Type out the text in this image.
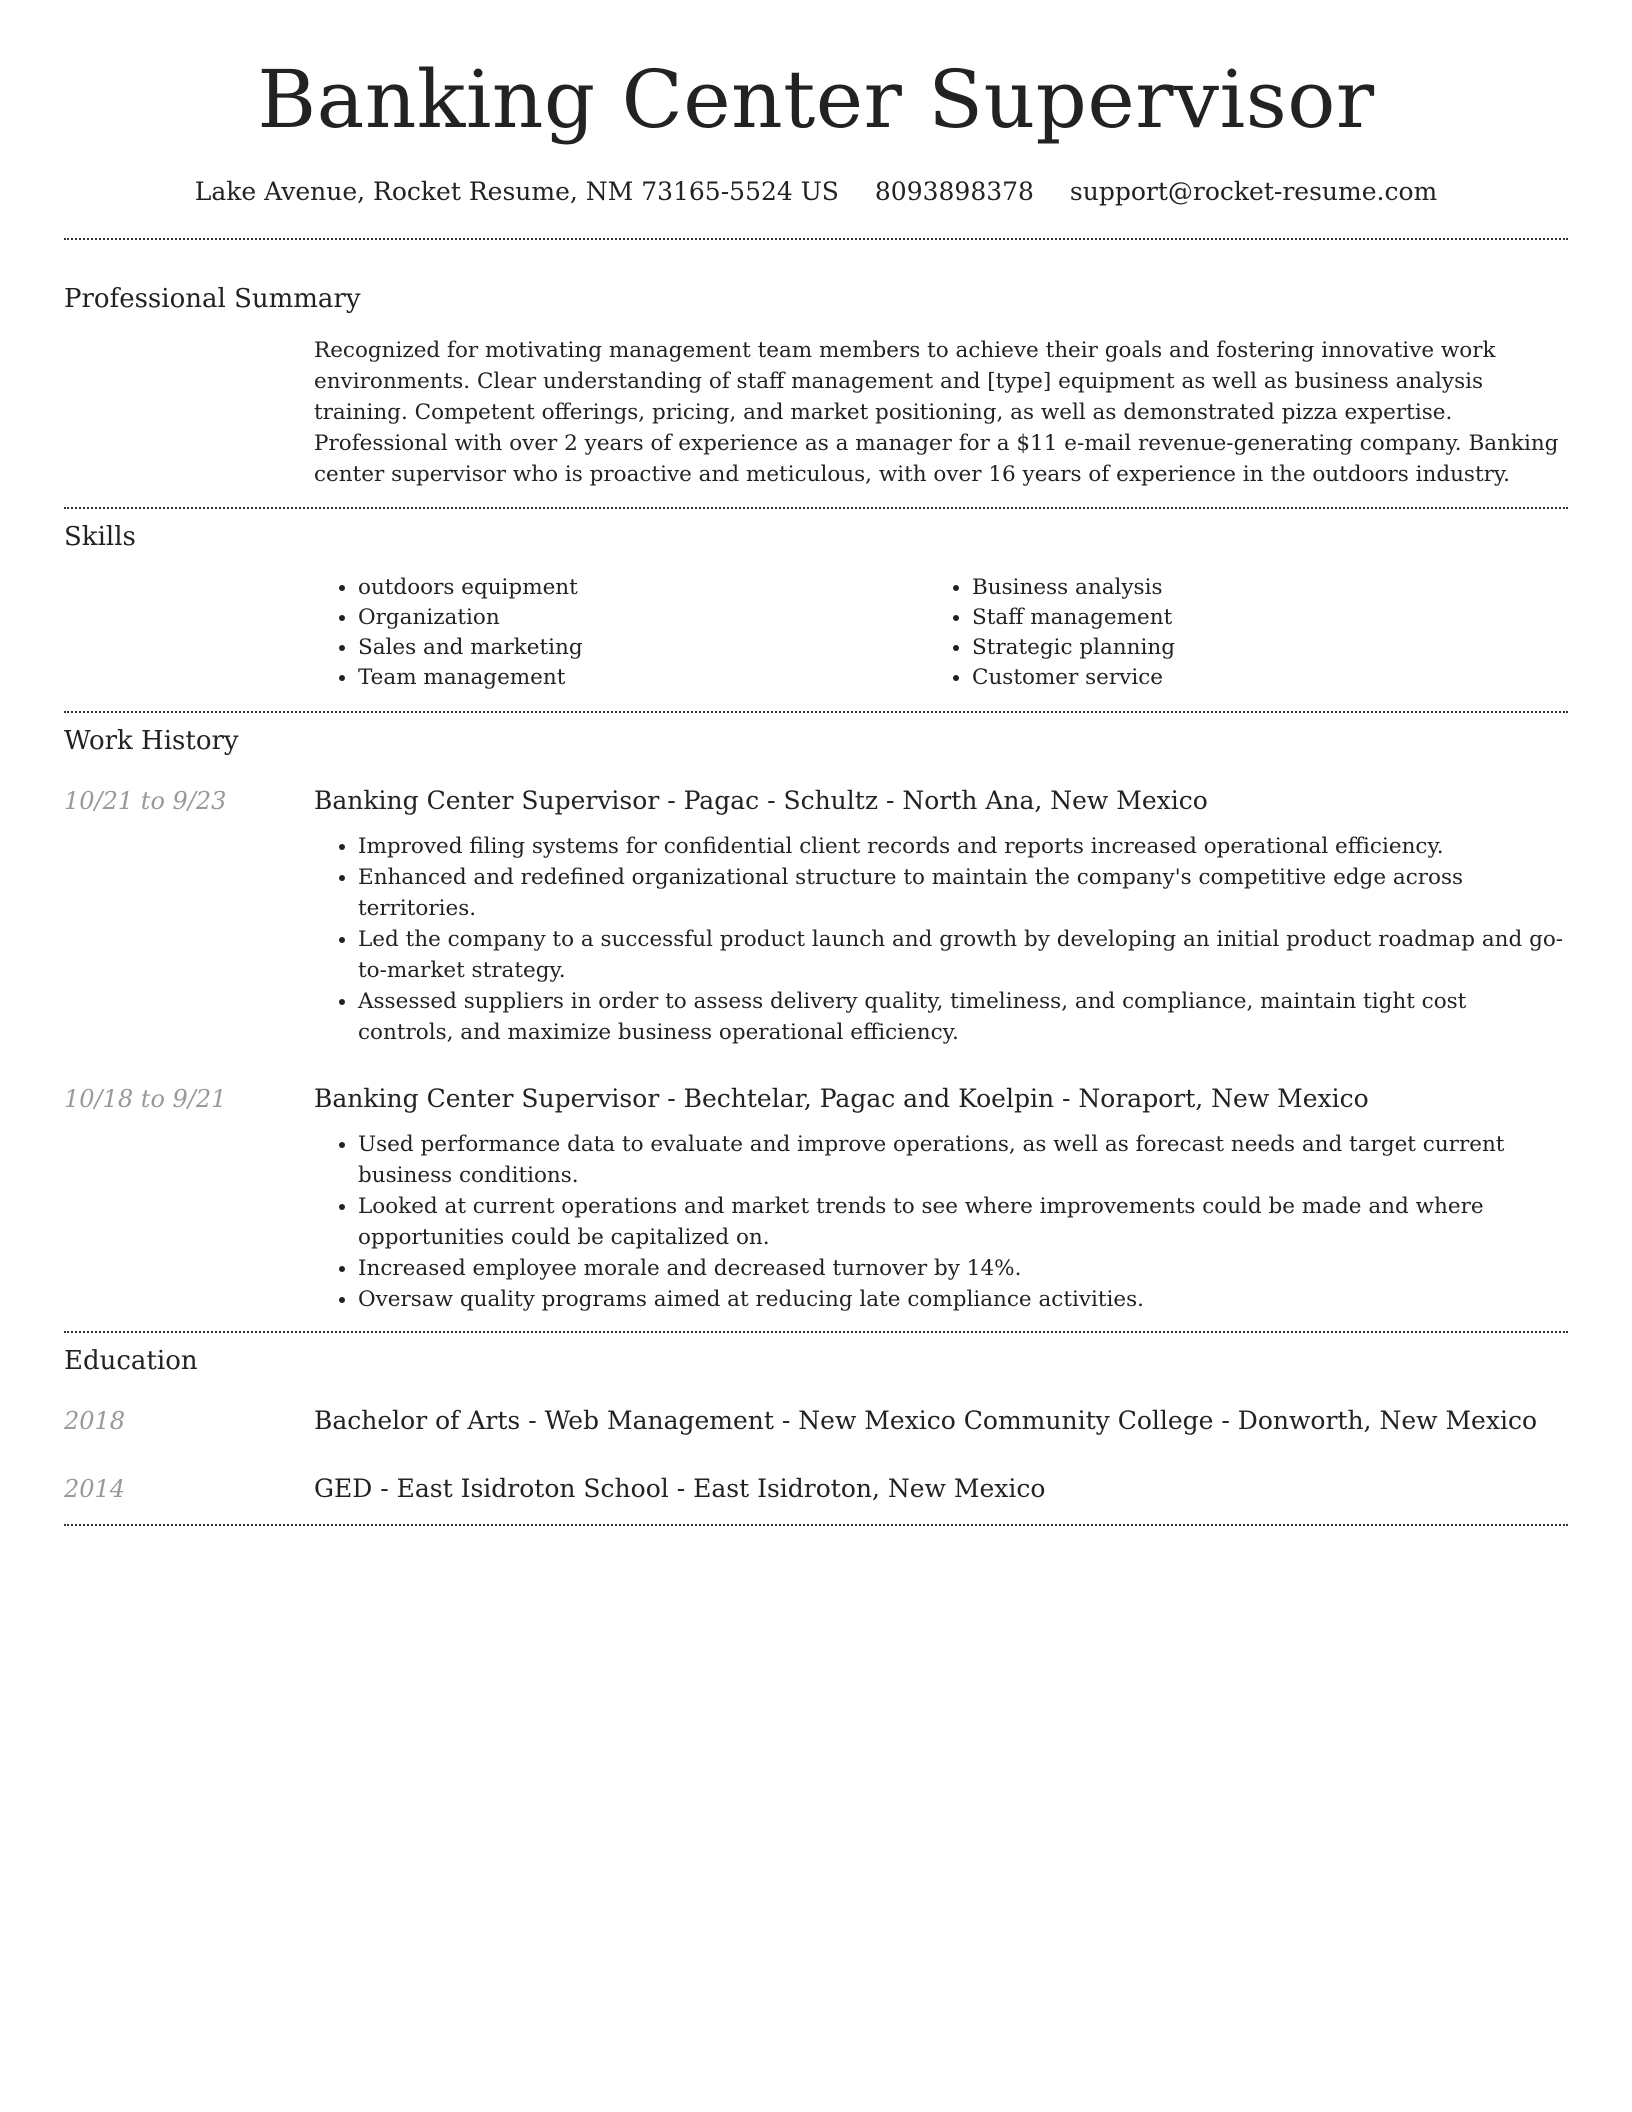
Banking Center Supervisor
Lake Avenue, Rocket Resume, NM 73165-5524 US 8093898378 support@rocket-resume.com
Professional Summary

Recognized for motivating management team members to achieve their goals and fostering innovative work environments. Clear understanding of staff management and [type] equipment as well as business analysis training. Competent offerings, pricing, and market positioning, as well as demonstrated pizza expertise. Professional with over 2 years of experience as a manager for a $11 e-mail revenue-generating company. Banking center supervisor who is proactive and meticulous, with over 16 years of experience in the outdoors industry.

Skills
• outdoors equipment
• Organization
• Sales and marketing
• Team management
• Business analysis
• Staff management
• Strategic planning
• Customer service
Work History
10/21 to 9/23	Banking Center Supervisor - Pagac - Schultz - North Ana, New Mexico
• Improved filing systems for confidential client records and reports increased operational efficiency.
• Enhanced and redefined organizational structure to maintain the company's competitive edge across territories.
• Led the company to a successful product launch and growth by developing an initial product roadmap and go-to-market strategy.
• Assessed suppliers in order to assess delivery quality, timeliness, and compliance, maintain tight cost controls, and maximize business operational efficiency.
10/18 to 9/21	Banking Center Supervisor - Bechtelar, Pagac and Koelpin - Noraport, New Mexico
• Used performance data to evaluate and improve operations, as well as forecast needs and target current business conditions.
• Looked at current operations and market trends to see where improvements could be made and where opportunities could be capitalized on.
• Increased employee morale and decreased turnover by 14%.
• Oversaw quality programs aimed at reducing late compliance activities.
Education
2018	Bachelor of Arts - Web Management - New Mexico Community College - Donworth, New Mexico
2014	GED - East Isidroton School - East Isidroton, New Mexico
